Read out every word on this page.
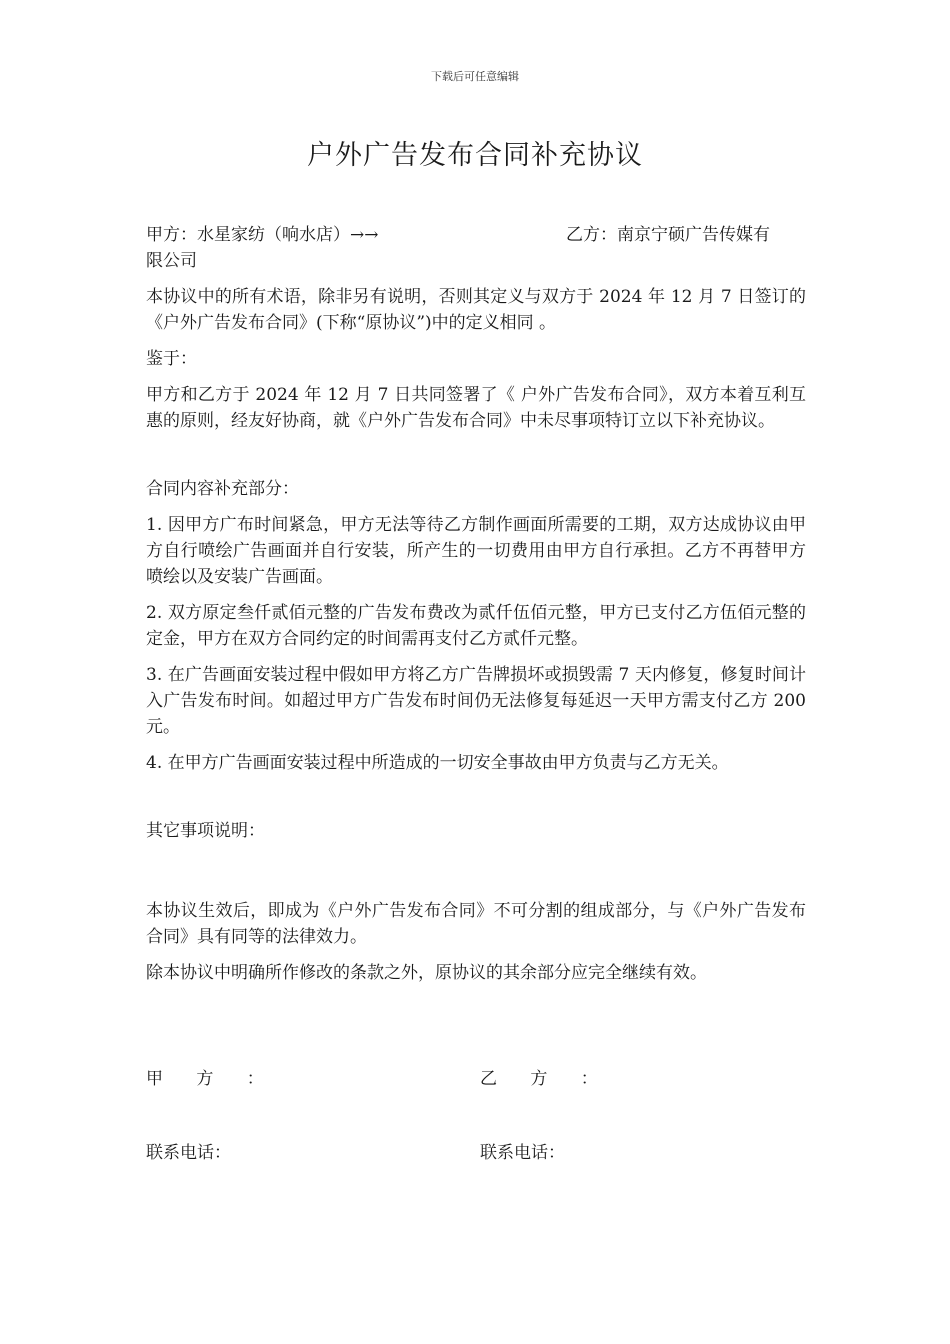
下载后可任意编辑
户外广告发布合同补充协议
甲方：水星家纺（响水店）→→	乙方：南京宁硕广告传媒有
限公司

本协议中的所有术语，除非另有说明，否则其定义与双方于 2024 年 12 月 7 日签订的《户外广告发布合同》(下称“原协议”)中的定义相同 。

鉴于：

甲方和乙方于 2024 年 12 月 7 日共同签署了《 户外广告发布合同》，双方本着互利互惠的原则，经友好协商，就《户外广告发布合同》中未尽事项特订立以下补充协议。

合同内容补充部分：

1. 因甲方广布时间紧急，甲方无法等待乙方制作画面所需要的工期，双方达成协议由甲方自行喷绘广告画面并自行安装，所产生的一切费用由甲方自行承担。乙方不再替甲方喷绘以及安装广告画面。

2. 双方原定叁仟贰佰元整的广告发布费改为贰仟伍佰元整，甲方已支付乙方伍佰元整的定金，甲方在双方合同约定的时间需再支付乙方贰仟元整。

3. 在广告画面安装过程中假如甲方将乙方广告牌损坏或损毁需 7 天内修复，修复时间计入广告发布时间。如超过甲方广告发布时间仍无法修复每延迟一天甲方需支付乙方 200 元。

4. 在甲方广告画面安装过程中所造成的一切安全事故由甲方负责与乙方无关。

其它事项说明：

本协议生效后，即成为《户外广告发布合同》不可分割的组成部分，与《户外广告发布合同》具有同等的法律效力。

除本协议中明确所作修改的条款之外，原协议的其余部分应完全继续有效。

甲 方 ：	乙 方 ：
联系电话：	联系电话：
